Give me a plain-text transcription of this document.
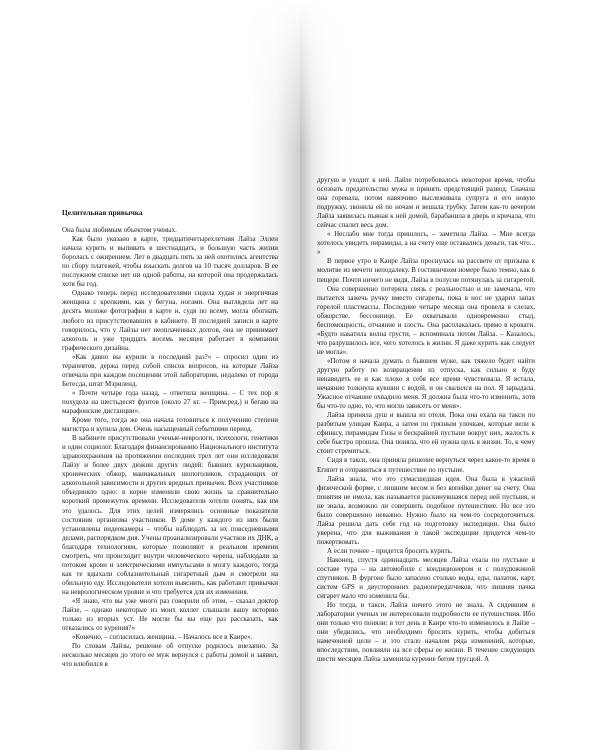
Целительная привычка

Она была любимым объектом ученых.

Как было указано в карте, тридцатичетырехлетняя Лайза Эллен начала курить и выпивать в шестнадцать, и большую часть жизни боролась с ожирением. Лет в двадцать пять за ней охотились агентства по сбору платежей, чтобы взыскать долгов на 10 тысяч долларов. В ее послужном списке нет ни одной работы, на которой она продержалась хотя бы год.

Однако теперь перед исследователями сидела худая и энергичная женщина с крепкими, как у бегуна, ногами. Она выглядела лет на десять моложе фотографии в карте и, судя по всему, могла обогнать любого из присутствовавших в кабинете. В последней записи в карте говорилось, что у Лайзы нет неоплаченных долгов, она не принимает алкоголь и уже тридцать восемь месяцев работает в компании графического дизайна.

«Как давно вы курили в последний раз?» – спросил один из терапевтов, держа перед собой список вопросов, на которые Лайза отвечала при каждом посещении этой лаборатории, недалеко от города Бетесда, штат Мэриленд.

« Почти четыре года назад, – ответила женщина. – С тех пор я похудела на шестьдесят фунтов (около 27 кг. – Прим.ред.) и бегаю на марафонские дистанции».

Кроме того, тогда же она начала готовиться к получению степени магистра и купила дом. Очень насыщенный событиями период.

В кабинете присутствовали ученые-неврологи, психологи, генетики и один социолог. Благодаря финансированию Национального института здравоохранения на протяжении последних трех лет они исследовали Лайзу и более двух дюжин других людей: бывших курильщиков, хронических обжор, маниакальных шопоголиков, страдающих от алкогольной зависимости и других вредных привычек. Всех участников объединяло одно: в корне изменили свою жизнь за сравнительно короткий промежуток времени. Исследователи хотели понять, как им это удалось. Для этих целей измерялись основные показатели состояния организма участников. В доме у каждого из них были установлены видеокамеры – чтобы наблюдать за их повседневными делами, распорядком дня. Учены проанализировали участков их ДНК, а благодаря технологиям, которые позволяют в реальном времени смотреть, что происходит внутри человеческого черепа, наблюдали за потоком крови и электрическими импульсами в мозгу каждого, тогда как те вдыхали соблазнительный сигаретный дым и смотрели на обильную еду. Исследователи хотели выяснить, как работают привычки на неврологическом уровне и что требуется для их изменения.

«Я знаю, что вы уже много раз говорили об этом, – сказал доктор Лайзе, – однако некоторые из моих коллег слышали вашу историю только из вторых уст. Не могли бы вы еще раз рассказать, как отказались от курения?»

«Конечно, – согласилась женщина. – Началось все в Каире».

По словам Лайзы, решение об отпуске родилось внезапно. За несколько месяцев до этого ее муж вернулся с работы домой и заявил, что влюбился в

другую и уходит к ней. Лайзе потребовалось некоторое время, чтобы осознать предательство мужа и принять предстоящий развод. Сначала она горевала, потом навязчиво выслеживала супруга и его новую подружку, звонила ей по ночам и вешала трубку. Затем как-то вечером Лайза заявилась пьяная к ней домой, барабанила в дверь и кричала, что сейчас спалит весь дом.

« Неслабо мне тогда пришлось, – заметила Лайза. – Мне всегда хотелось увидеть пирамиды, а на счету еще оставались деньги, так что... »

В первое утро в Каире Лайза проснулась на рассвете от призыва к молитве из мечети неподалеку. В гостиничном номере было темно, как в пещере. Почти ничего не видя, Лайза в полусне потянулась за сигаретой.

Она совершенно потеряла связь с реальностью и не замечала, что пытается зажечь ручку вместо сигареты, пока в нос не ударил запах горелой пластмассы. Последние четыре месяца она провела в слезах, обжорстве, бессоннице. Ее охватывали одновременно стыд, беспомощность, отчаяние и злость. Она расплакалась прямо в кровати. «Будто накатила волна грусти, – вспоминала потом Лайза. – Казалось, что разрушилось все, чего хотелось в жизни. Я даже курить как следует не могла».

«Потом я начала думать о бывшем муже, как тяжело будет найти другую работу по возвращении из отпуска, как сильно я буду ненавидеть ее и как плохо я себя все время чувствовала. Я встала, нечаянно толкнула кувшин с водой, и он свалился на пол. Я зарыдала. Ужасное отчаяние охвадило меня. Я должна была что-то изменить, хотя бы что-то одно, то, что могло зависеть от меня».

Лайза приняла душ и вышла из отеля. Пока она ехала на такси по разбитым улицам Каира, а затем по грязным улочкам, которые вели к сфинксу, пирамидам Гизы и бескрайней пустыне вокруг них, жалость к себе быстро прошла. Она поняла, что ей нужна цель в жизни. То, к чему стоит стремиться.

Сидя в такси, она приняла решение вернуться через какое-то время в Египет и отправиться в путешествие по пустыне.

Лайза знала, что это сумасшедшая идея. Она была в ужасной физической форме, с лишним весом и без копейки денег на счету. Она понятия не имела, как называется раскинувшаяся перед ней пустыня, и не знала, возможно ли совершить подобное путешествие. Но все это было совершенно неважно. Нужно было на чем-то сосредоточиться. Лайза решила дать себе год на подготовку экспедиции. Она было уверена, что для выживания в такой экспедиции придется чем-то пожертвовать.

А если точнее – придется бросить курить.

Наконец, спустя одиннадцать месяцев Лайза ехала по пустыне в составе тура – на автомобиле с кондиционером и с полудюжиной спутников. В фургоне было запасено столько воды, еды, палаток, карт, систем GPS и двусторонних радиопередатчиков, что лишняя пачка сигарет мало что изменила бы.

Но тогда, в такси, Лайза ничего этого не знала. А сидевшим в лаборатории ученых не интересовали подробности ее путешествия. Ибо они только что поняли: в тот день в Каире что-то изменилось в Лайзе – они убедились, что необходимо бросить курить, чтобы добиться намеченной цели – и это стало началом ряда изменений, которые, впоследствии, повлияли на все сферы ее жизни. В течение следующих шести месяцев Лайза заменила курение бегом трусцой. А
